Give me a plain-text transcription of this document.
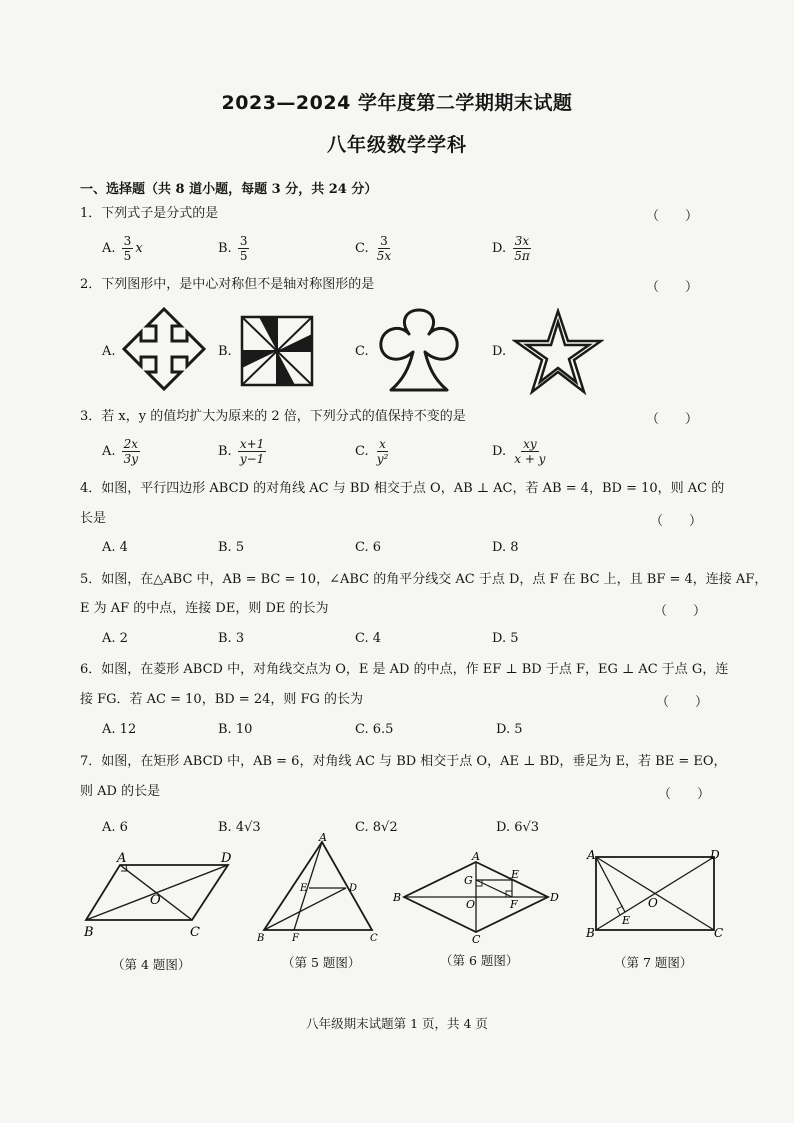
2023—2024 学年度第二学期期末试题
八年级数学学科
一、选择题（共 8 道小题，每题 3 分，共 24 分）
1．下列式子是分式的是	（　　）
A. $\frac{3}{5}$ x	B. $\frac{3}{5}$	C. $\frac{3}{5x}$	D. $\frac{3x}{5\pi}$
2．下列图形中，是中心对称但不是轴对称图形的是	（　　）
A.	B.	C.	D.
3．若 x，y 的值均扩大为原来的 2 倍，下列分式的值保持不变的是	（　　）
A. $\frac{2x}{3y}$	B. $\frac{x+1}{y-1}$	C. $\frac{x}{\text{y²}}$	D. $\frac{xy}{x + y}$
4．如图，平行四边形 ABCD 的对角线 AC 与 BD 相交于点 O，AB ⊥ AC，若 AB = 4，BD = 10，则 AC 的
长是	（　　）
A. 4	B. 5	C. 6	D. 8
5．如图，在△ABC 中，AB = BC = 10，∠ABC 的角平分线交 AC 于点 D，点 F 在 BC 上，且 BF = 4，连接 AF，
E 为 AF 的中点，连接 DE，则 DE 的长为	（　　）
A. 2	B. 3	C. 4	D. 5
6．如图，在菱形 ABCD 中，对角线交点为 O，E 是 AD 的中点，作 EF ⊥ BD 于点 F，EG ⊥ AC 于点 G，连
接 FG．若 AC = 10，BD = 24，则 FG 的长为	（　　）
A. 12	B. 10	C. 6.5	D. 5
7．如图，在矩形 ABCD 中，AB = 6，对角线 AC 与 BD 相交于点 O，AE ⊥ BD，垂足为 E，若 BE = EO，
则 AD 的长是	（　　）
A. 6	B. 4√3	C. 8√2	D. 6√3
A	D
O
B	C
A
E	D
B	F	C
A
G	E
B
O	F
D
C
A	D
O
E
B	C
（第 4 题图）	（第 5 题图）	（第 6 题图）	（第 7 题图）
八年级期末试题第 1 页，共 4 页
